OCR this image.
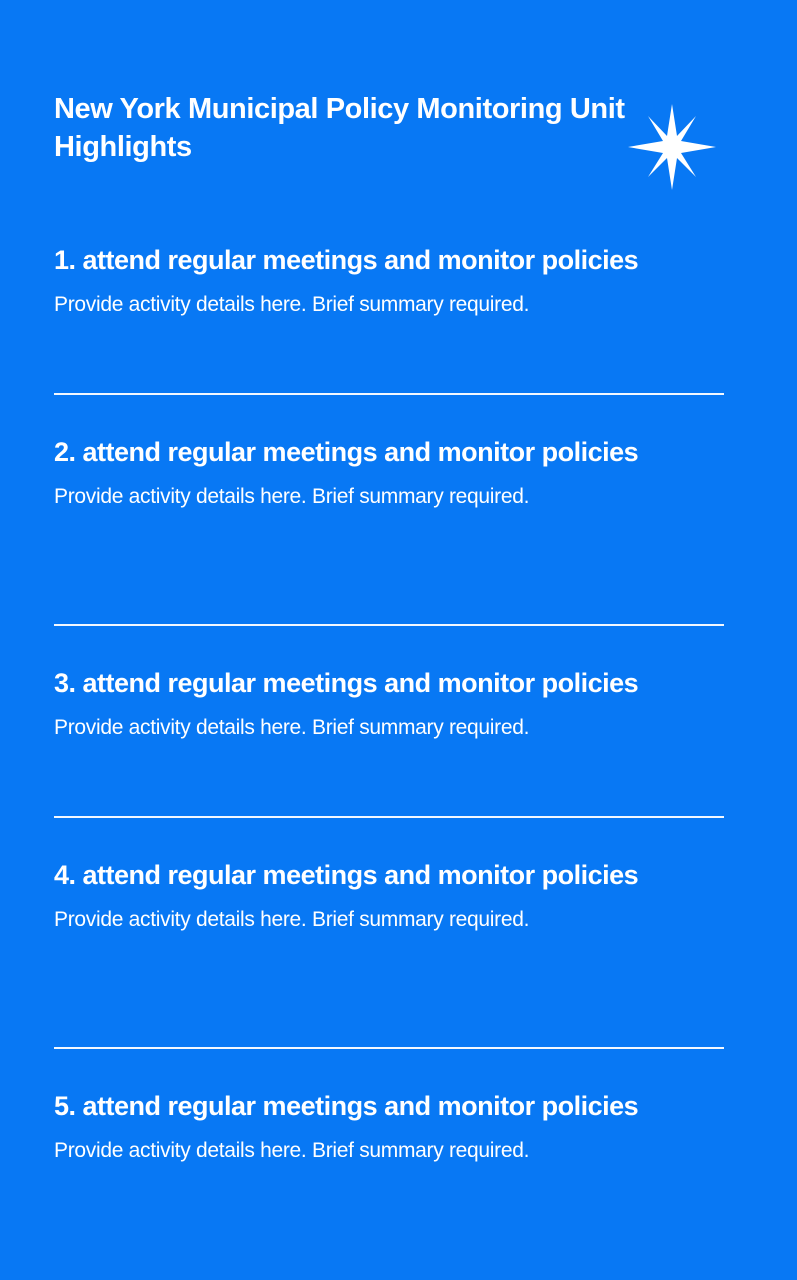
New York Municipal Policy Monitoring Unit
Highlights
1. attend regular meetings and monitor policies

Provide activity details here. Brief summary required.

2. attend regular meetings and monitor policies

Provide activity details here. Brief summary required.

3. attend regular meetings and monitor policies

Provide activity details here. Brief summary required.

4. attend regular meetings and monitor policies

Provide activity details here. Brief summary required.

5. attend regular meetings and monitor policies

Provide activity details here. Brief summary required.
